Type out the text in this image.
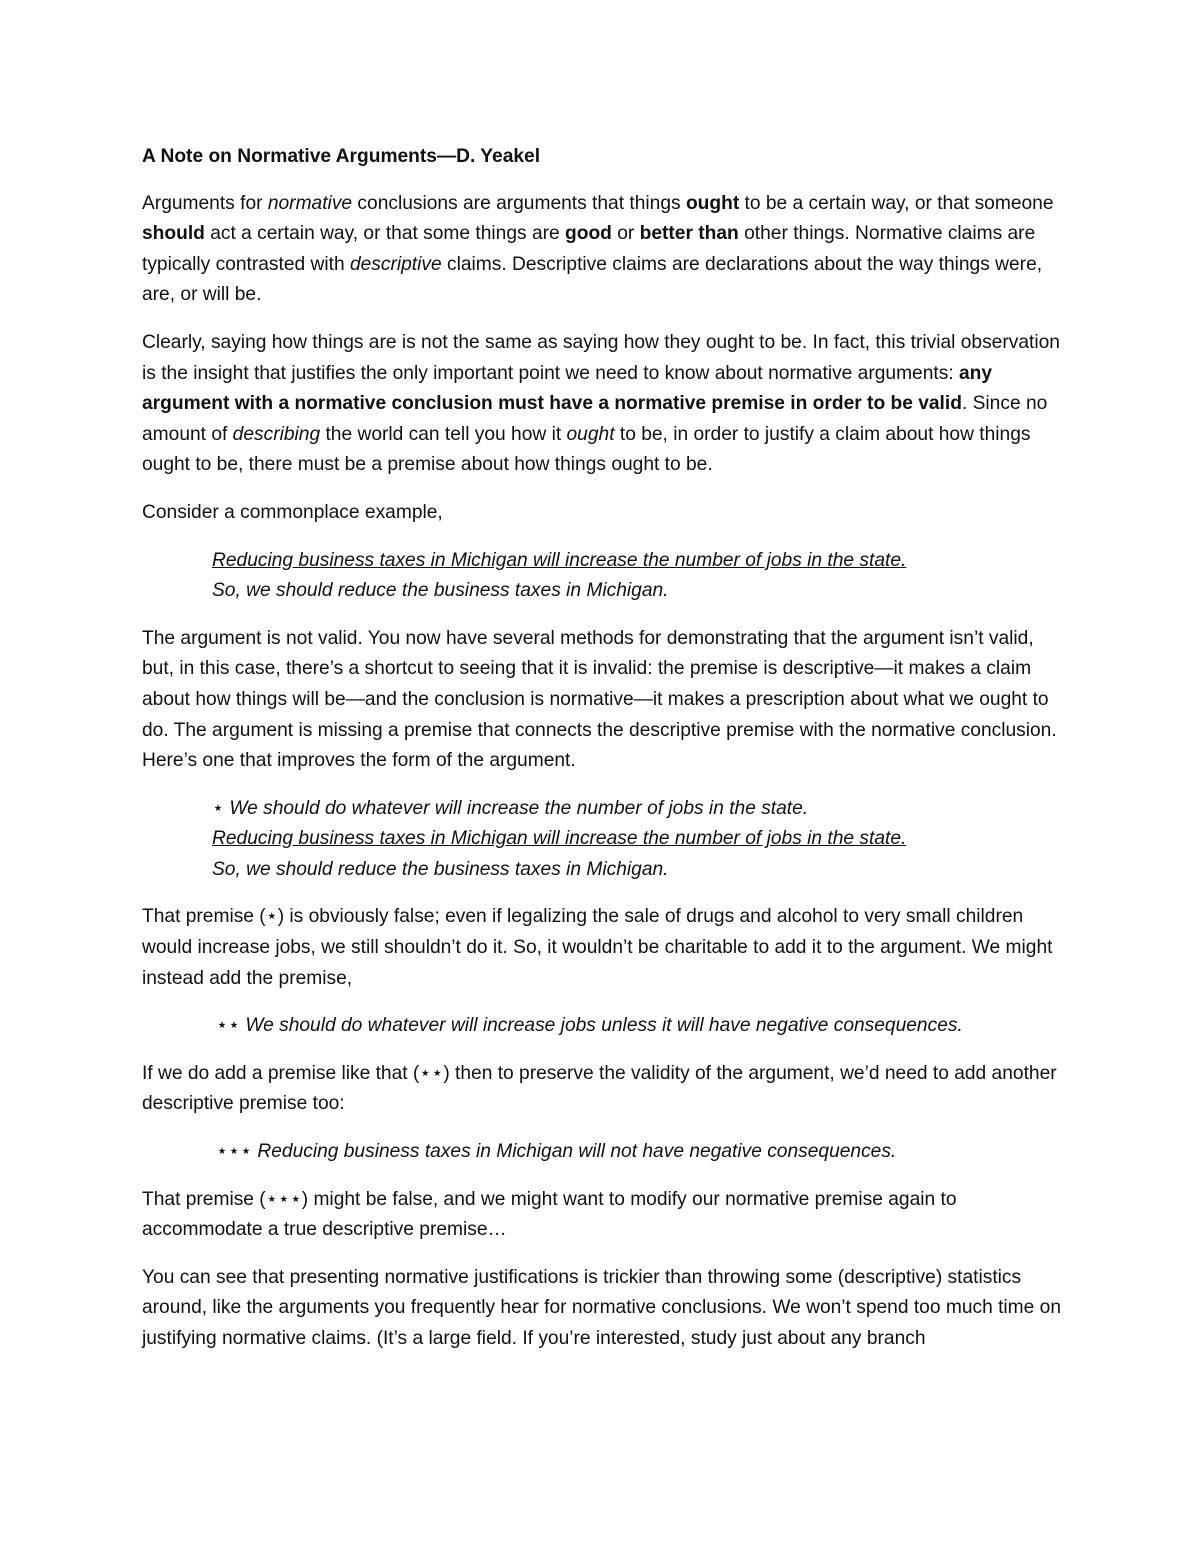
A Note on Normative Arguments—D. Yeakel

Arguments for normative conclusions are arguments that things ought to be a certain way, or that someone should act a certain way, or that some things are good or better than other things. Normative claims are typically contrasted with descriptive claims. Descriptive claims are declarations about the way things were, are, or will be.

Clearly, saying how things are is not the same as saying how they ought to be. In fact, this trivial observation is the insight that justifies the only important point we need to know about normative arguments: any argument with a normative conclusion must have a normative premise in order to be valid. Since no amount of describing the world can tell you how it ought to be, in order to justify a claim about how things ought to be, there must be a premise about how things ought to be.

Consider a commonplace example,

Reducing business taxes in Michigan will increase the number of jobs in the state.
So, we should reduce the business taxes in Michigan.

The argument is not valid. You now have several methods for demonstrating that the argument isn’t valid, but, in this case, there’s a shortcut to seeing that it is invalid: the premise is descriptive—it makes a claim about how things will be—and the conclusion is normative—it makes a prescription about what we ought to do. The argument is missing a premise that connects the descriptive premise with the normative conclusion. Here’s one that improves the form of the argument.

⋆ We should do whatever will increase the number of jobs in the state.
Reducing business taxes in Michigan will increase the number of jobs in the state.
So, we should reduce the business taxes in Michigan.

That premise (⋆) is obviously false; even if legalizing the sale of drugs and alcohol to very small children would increase jobs, we still shouldn’t do it. So, it wouldn’t be charitable to add it to the argument. We might instead add the premise,

⋆⋆ We should do whatever will increase jobs unless it will have negative consequences.

If we do add a premise like that (⋆⋆) then to preserve the validity of the argument, we’d need to add another descriptive premise too:

⋆⋆⋆ Reducing business taxes in Michigan will not have negative consequences.

That premise (⋆⋆⋆) might be false, and we might want to modify our normative premise again to accommodate a true descriptive premise…

You can see that presenting normative justifications is trickier than throwing some (descriptive) statistics around, like the arguments you frequently hear for normative conclusions. We won’t spend too much time on justifying normative claims. (It’s a large field. If you’re interested, study just about any branch
